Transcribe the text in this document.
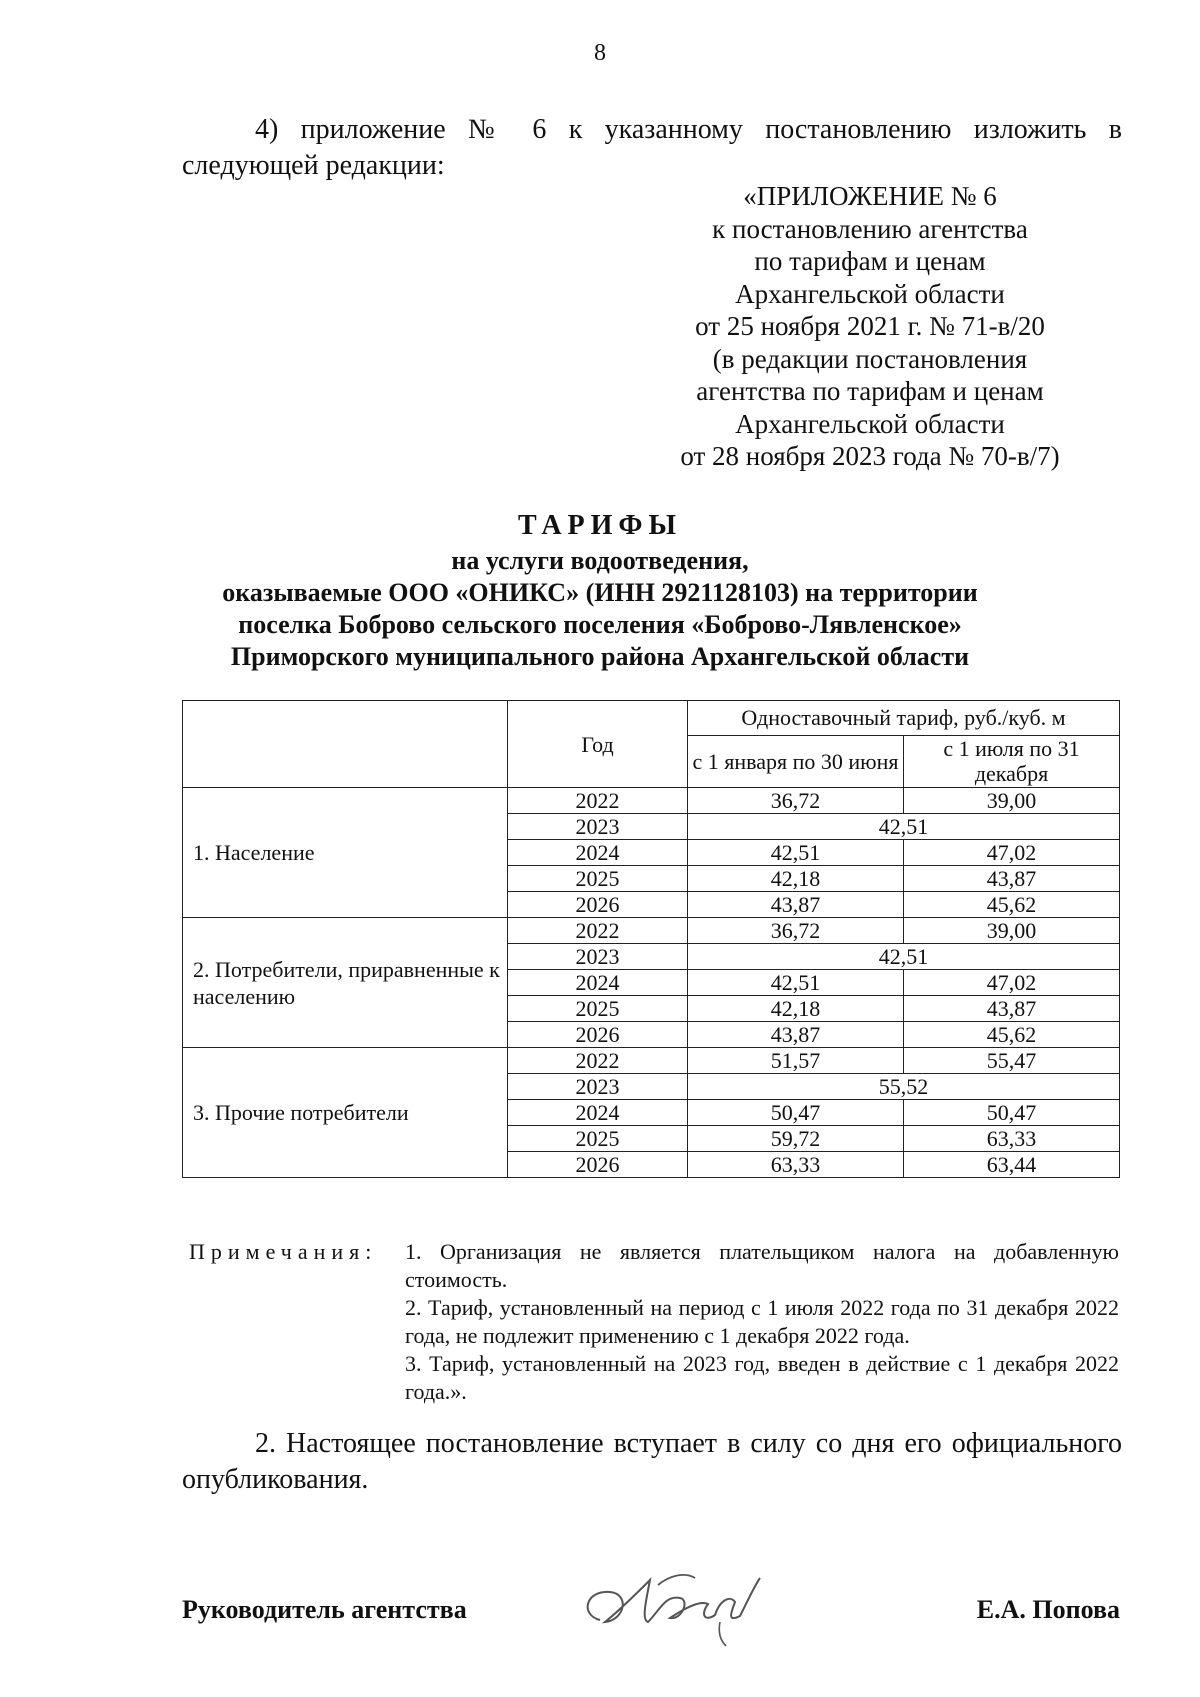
8
4) приложение № 6 к указанному постановлению изложить в следующей редакции:
«ПРИЛОЖЕНИЕ № 6
к постановлению агентства
по тарифам и ценам
Архангельской области
от 25 ноября 2021 г. № 71-в/20
(в редакции постановления
агентства по тарифам и ценам
Архангельской области
от 28 ноября 2023 года № 70-в/7)
ТАРИФЫ
на услуги водоотведения,
оказываемые ООО «ОНИКС» (ИНН 2921128103) на территории
поселка Боброво сельского поселения «Боброво-Лявленское»
Приморского муниципального района Архангельской области
	Год	Одноставочный тариф, руб./куб. м	
		с 1 января по 30 июня	с 1 июля по 31 декабря
1. Население	2022	36,72	39,00
	2023	42,51	
	2024	42,51	47,02
	2025	42,18	43,87
	2026	43,87	45,62
2. Потребители, приравненные к населению	2022	36,72	39,00
	2023	42,51	
	2024	42,51	47,02
	2025	42,18	43,87
	2026	43,87	45,62
3. Прочие потребители	2022	51,57	55,47
	2023	55,52	
	2024	50,47	50,47
	2025	59,72	63,33
	2026	63,33	63,44
Примечания: 1. Организация не является плательщиком налога на добавленную стоимость.
2. Тариф, установленный на период с 1 июля 2022 года по 31 декабря 2022 года, не подлежит применению с 1 декабря 2022 года.
3. Тариф, установленный на 2023 год, введен в действие с 1 декабря 2022 года.».
2. Настоящее постановление вступает в силу со дня его официального опубликования.
Руководитель агентства	Е.А. Попова
